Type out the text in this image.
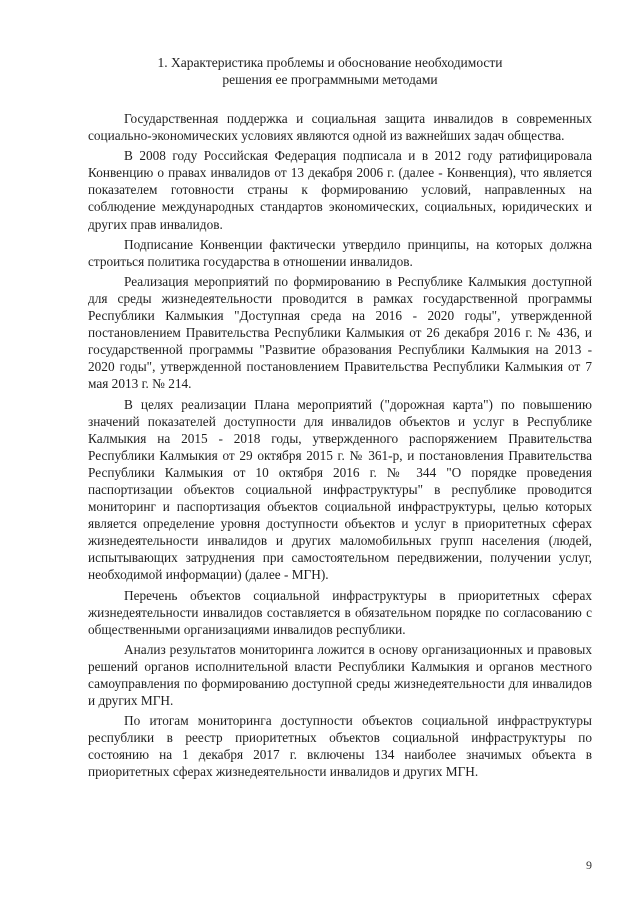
1. Характеристика проблемы и обоснование необходимости
решения ее программными методами

Государственная поддержка и социальная защита инвалидов в современных социально-экономических условиях являются одной из важнейших задач общества.

В 2008 году Российская Федерация подписала и в 2012 году ратифицировала Конвенцию о правах инвалидов от 13 декабря 2006 г. (далее - Конвенция), что является показателем готовности страны к формированию условий, направленных на соблюдение международных стандартов экономических, социальных, юридических и других прав инвалидов.

Подписание Конвенции фактически утвердило принципы, на которых должна строиться политика государства в отношении инвалидов.

Реализация мероприятий по формированию в Республике Калмыкия доступной для среды жизнедеятельности проводится в рамках государственной программы Республики Калмыкия "Доступная среда на 2016 - 2020 годы", утвержденной постановлением Правительства Республики Калмыкия от 26 декабря 2016 г. № 436, и государственной программы "Развитие образования Республики Калмыкия на 2013 - 2020 годы", утвержденной постановлением Правительства Республики Калмыкия от 7 мая 2013 г. № 214.

В целях реализации Плана мероприятий ("дорожная карта") по повышению значений показателей доступности для инвалидов объектов и услуг в Республике Калмыкия на 2015 - 2018 годы, утвержденного распоряжением Правительства Республики Калмыкия от 29 октября 2015 г. № 361-р, и постановления Правительства Республики Калмыкия от 10 октября 2016 г. № 344 "О порядке проведения паспортизации объектов социальной инфраструктуры" в республике проводится мониторинг и паспортизация объектов социальной инфраструктуры, целью которых является определение уровня доступности объектов и услуг в приоритетных сферах жизнедеятельности инвалидов и других маломобильных групп населения (людей, испытывающих затруднения при самостоятельном передвижении, получении услуг, необходимой информации) (далее - МГН).

Перечень объектов социальной инфраструктуры в приоритетных сферах жизнедеятельности инвалидов составляется в обязательном порядке по согласованию с общественными организациями инвалидов республики.

Анализ результатов мониторинга ложится в основу организационных и правовых решений органов исполнительной власти Республики Калмыкия и органов местного самоуправления по формированию доступной среды жизнедеятельности для инвалидов и других МГН.

По итогам мониторинга доступности объектов социальной инфраструктуры республики в реестр приоритетных объектов социальной инфраструктуры по состоянию на 1 декабря 2017 г. включены 134 наиболее значимых объекта в приоритетных сферах жизнедеятельности инвалидов и других МГН.

9
